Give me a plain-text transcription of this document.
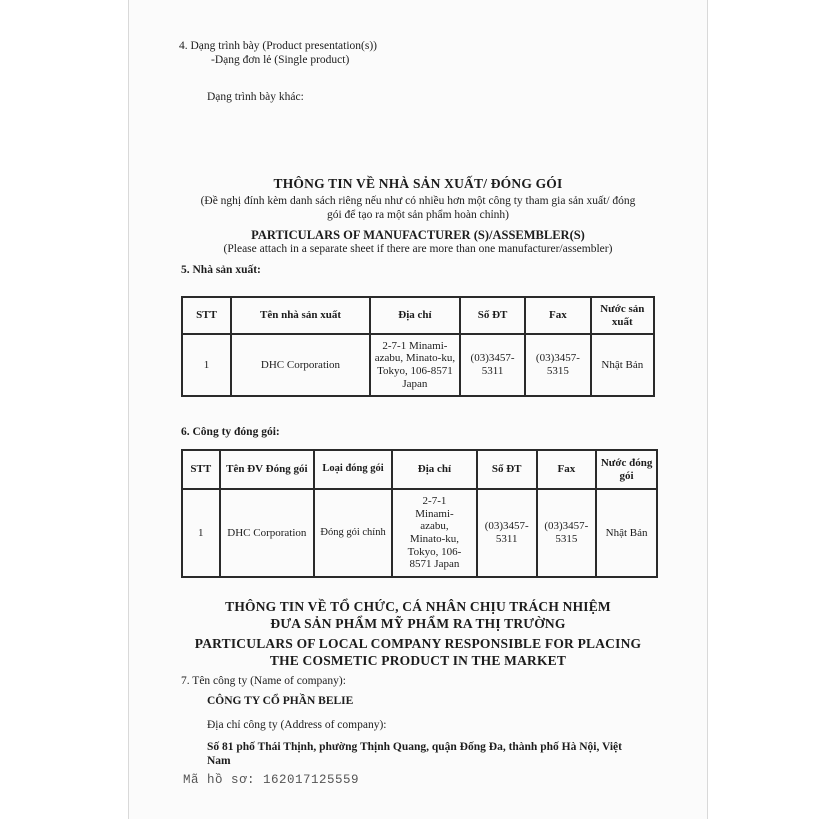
4. Dạng trình bày (Product presentation(s))
-Dạng đơn lẻ (Single product)
Dạng trình bày khác:
THÔNG TIN VỀ NHÀ SẢN XUẤT/ ĐÓNG GÓI
(Đề nghị đính kèm danh sách riêng nếu như có nhiều hơn một công ty tham gia sản xuất/ đóng
gói để tạo ra một sản phẩm hoàn chỉnh)
PARTICULARS OF MANUFACTURER (S)/ASSEMBLER(S)
(Please attach in a separate sheet if there are more than one manufacturer/assembler)
5. Nhà sản xuất:
STT	Tên nhà sản xuất	Địa chỉ	Số ĐT	Fax	Nước sản xuất
1	DHC Corporation	2-7-1 Minami-azabu, Minato-ku, Tokyo, 106-8571 Japan	(03)3457-5311	(03)3457-5315	Nhật Bản
6. Công ty đóng gói:
STT	Tên ĐV Đóng gói	Loại đóng gói	Địa chỉ	Số ĐT	Fax	Nước đóng gói
1	DHC Corporation	Đóng gói chính	2-7-1 Minami-azabu, Minato-ku, Tokyo, 106-8571 Japan	(03)3457-5311	(03)3457-5315	Nhật Bản
THÔNG TIN VỀ TỔ CHỨC, CÁ NHÂN CHỊU TRÁCH NHIỆM
ĐƯA SẢN PHẨM MỸ PHẨM RA THỊ TRƯỜNG
PARTICULARS OF LOCAL COMPANY RESPONSIBLE FOR PLACING
THE COSMETIC PRODUCT IN THE MARKET
7. Tên công ty (Name of company):
CÔNG TY CỔ PHẦN BELIE
Địa chỉ công ty (Address of company):
Số 81 phố Thái Thịnh, phường Thịnh Quang, quận Đống Đa, thành phố Hà Nội, Việt
Nam
Mã hồ sơ: 162017125559
